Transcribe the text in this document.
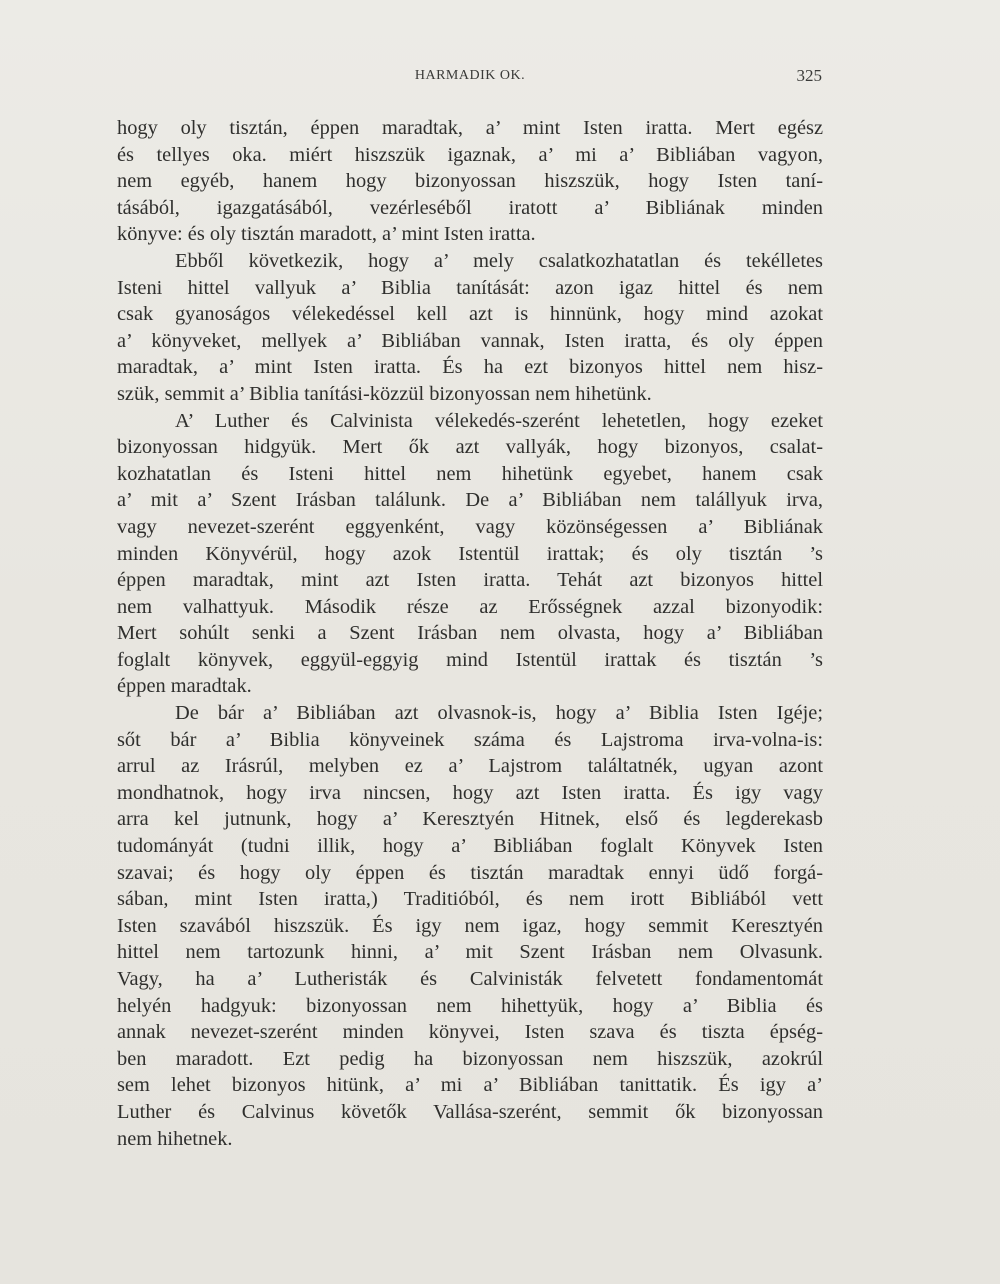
HARMADIK OK.	325
hogy oly tisztán, éppen maradtak, a’ mint Isten iratta. Mert egész
és tellyes oka. miért hiszszük igaznak, a’ mi a’ Bibliában vagyon,
nem egyéb, hanem hogy bizonyossan hiszszük, hogy Isten taní-
tásából, igazgatásából, vezérleséből iratott a’ Bibliának minden
könyve: és oly tisztán maradott, a’ mint Isten iratta.
Ebből következik, hogy a’ mely csalatkozhatatlan és tekélletes
Isteni hittel vallyuk a’ Biblia tanítását: azon igaz hittel és nem
csak gyanoságos vélekedéssel kell azt is hinnünk, hogy mind azokat
a’ könyveket, mellyek a’ Bibliában vannak, Isten iratta, és oly éppen
maradtak, a’ mint Isten iratta. És ha ezt bizonyos hittel nem hisz-
szük, semmit a’ Biblia tanítási-közzül bizonyossan nem hihetünk.
A’ Luther és Calvinista vélekedés-szerént lehetetlen, hogy ezeket
bizonyossan hidgyük. Mert ők azt vallyák, hogy bizonyos, csalat-
kozhatatlan és Isteni hittel nem hihetünk egyebet, hanem csak
a’ mit a’ Szent Irásban találunk. De a’ Bibliában nem talállyuk irva,
vagy nevezet-szerént eggyenként, vagy közönségessen a’ Bibliának
minden Könyvérül, hogy azok Istentül irattak; és oly tisztán ’s
éppen maradtak, mint azt Isten iratta. Tehát azt bizonyos hittel
nem valhattyuk. Második része az Erősségnek azzal bizonyodik:
Mert sohúlt senki a Szent Irásban nem olvasta, hogy a’ Bibliában
foglalt könyvek, eggyül-eggyig mind Istentül irattak és tisztán ’s
éppen maradtak.
De bár a’ Bibliában azt olvasnok-is, hogy a’ Biblia Isten Igéje;
sőt bár a’ Biblia könyveinek száma és Lajstroma irva-volna-is:
arrul az Irásrúl, melyben ez a’ Lajstrom találtatnék, ugyan azont
mondhatnok, hogy irva nincsen, hogy azt Isten iratta. És igy vagy
arra kel jutnunk, hogy a’ Keresztyén Hitnek, első és legderekasb
tudományát (tudni illik, hogy a’ Bibliában foglalt Könyvek Isten
szavai; és hogy oly éppen és tisztán maradtak ennyi üdő forgá-
sában, mint Isten iratta,) Traditióból, és nem irott Bibliából vett
Isten szavából hiszszük. És igy nem igaz, hogy semmit Keresztyén
hittel nem tartozunk hinni, a’ mit Szent Irásban nem Olvasunk.
Vagy, ha a’ Lutheristák és Calvinisták felvetett fondamentomát
helyén hadgyuk: bizonyossan nem hihettyük, hogy a’ Biblia és
annak nevezet-szerént minden könyvei, Isten szava és tiszta épség-
ben maradott. Ezt pedig ha bizonyossan nem hiszszük, azokrúl
sem lehet bizonyos hitünk, a’ mi a’ Bibliában tanittatik. És igy a’
Luther és Calvinus követők Vallása-szerént, semmit ők bizonyossan
nem hihetnek.
